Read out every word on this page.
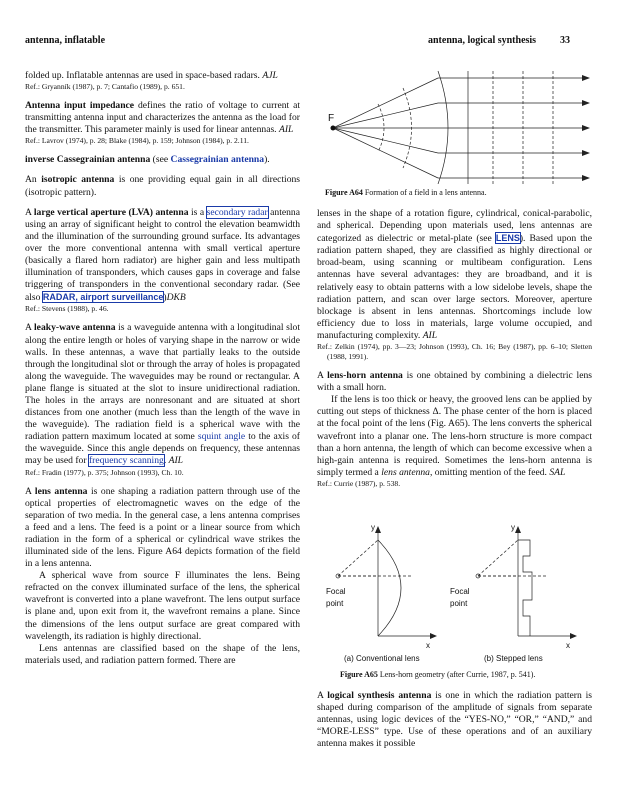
antenna, inflatable	antenna, logical synthesis 33

folded up. Inflatable antennas are used in space-based radars. AJL

Ref.: Gryanník (1987), p. 7; Cantafio (1989), p. 651.

Antenna input impedance defines the ratio of voltage to current at transmitting antenna input and characterizes the antenna as the load for the transmitter. This parameter mainly is used for linear antennas. AIL

Ref.: Lavrov (1974), p. 28; Blake (1984), p. 159; Johnson (1984), p. 2.11.

inverse Cassegrainian antenna (see Cassegrainian antenna).

An isotropic antenna is one providing equal gain in all directions (isotropic pattern).

A large vertical aperture (LVA) antenna is a secondary radar antenna using an array of significant height to control the elevation beamwidth and the illumination of the surrounding ground surface. Its advantages over the more conventional antenna with small vertical aperture (basically a flared horn radiator) are higher gain and less multipath illumination of transponders, which causes gaps in coverage and false triggering of transponders in the conventional secondary radar. (See also RADAR, airport surveillance)DKB

Ref.: Stevens (1988), p. 46.

A leaky-wave antenna is a waveguide antenna with a longitudinal slot along the entire length or holes of varying shape in the narrow or wide walls. In these antennas, a wave that partially leaks to the outside through the longitudinal slot or through the array of holes is propagated along the waveguide. The waveguides may be round or rectangular. A plane flange is situated at the slot to insure unidirectional radiation. The holes in the arrays are nonresonant and are situated at short distances from one another (much less than the length of the wave in the waveguide). The radiation field is a spherical wave with the radiation pattern maximum located at some squint angle to the axis of the waveguide. Since this angle depends on frequency, these antennas may be used for frequency scanning. AIL

Ref.: Fradin (1977), p. 375; Johnson (1993), Ch. 10.

A lens antenna is one shaping a radiation pattern through use of the optical properties of electromagnetic waves on the edge of the separation of two media. In the general case, a lens antenna comprises a feed and a lens. The feed is a point or a linear source from which radiation in the form of a spherical or cylindrical wave strikes the illuminated side of the lens. Figure A64 depicts formation of the field in a lens antenna.

A spherical wave from source F illuminates the lens. Being refracted on the convex illuminated surface of the lens, the spherical wavefront is converted into a plane wavefront. The lens output surface is plane and, upon exit from it, the wavefront remains a plane. Since the dimensions of the lens output surface are great compared with wavelength, its radiation is highly directional.

Lens antennas are classified based on the shape of the lens, materials used, and radiation pattern formed. There are

F
Figure A64 Formation of a field in a lens antenna.

lenses in the shape of a rotation figure, cylindrical, conical-parabolic, and spherical. Depending upon materials used, lens antennas are categorized as dielectric or metal-plate (see LENS). Based upon the radiation pattern shaped, they are classified as highly directional or broad-beam, using scanning or multibeam configuration. Lens antennas have several advantages: they are broadband, and it is relatively easy to obtain patterns with a low sidelobe levels, shape the radiation pattern, and scan over large sectors. Moreover, aperture blockage is absent in lens antennas. Shortcomings include low efficiency due to loss in materials, large volume occupied, and manufacturing complexity. AIL

Ref.: Zelkin (1974), pp. 3—23; Johnson (1993), Ch. 16; Bey (1987), pp. 6–10; Sletten (1988, 1991).

A lens-horn antenna is one obtained by combining a dielectric lens with a small horn.

If the lens is too thick or heavy, the grooved lens can be applied by cutting out steps of thickness Δ. The phase center of the horn is placed at the focal point of the lens (Fig. A65). The lens converts the spherical wavefront into a planar one. The lens-horn structure is more compact than a horn antenna, the length of which can become excessive when a high-gain antenna is required. Sometimes the lens-horn antenna is simply termed a lens antenna, omitting mention of the feed. SAL

Ref.: Currie (1987), p. 538.

y
x
y
x
Focal
point
Focal
point
(a) Conventional lens	(b) Stepped lens
Figure A65 Lens-horn geometry (after Currie, 1987, p. 541).

A logical synthesis antenna is one in which the radiation pattern is shaped during comparison of the amplitude of signals from separate antennas, using logic devices of the “YES-NO,” “OR,” “AND,” and “MORE-LESS” type. Use of these operations and of an auxiliary antenna makes it possible
